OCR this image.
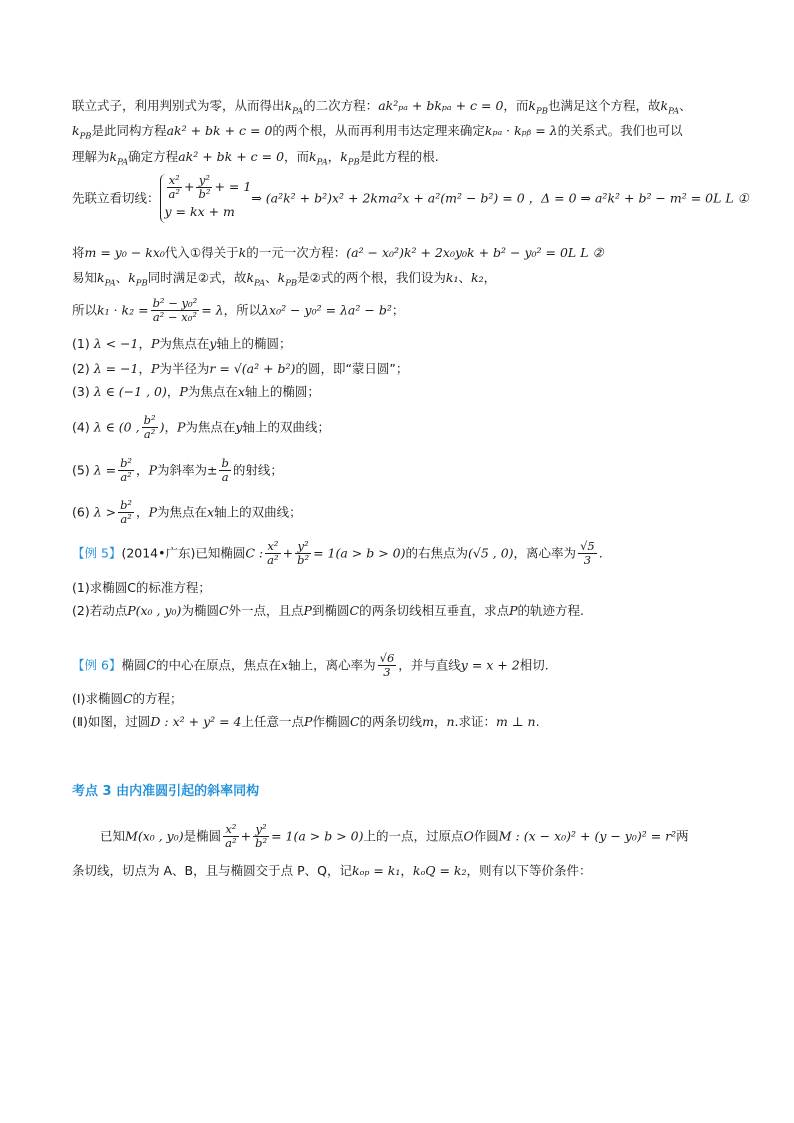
联立式子，利用判别式为零，从而得出$k_{PA}$的二次方程：ak²ₚₐ + bkₚₐ + c = 0，而$k_{PB}$也满足这个方程，故$k_{PA}$、
$k_{PB}$是此同构方程ak² + bk + c = 0的两个根，从而再利用韦达定理来确定kₚₐ · kₚᵦ = λ的关系式。我们也可以
理解为$k_{PA}$确定方程ak² + bk + c = 0，而$k_{PA}$，$k_{PB}$是此方程的根.
先联立看切线： $\frac{\text{x²}}{\text{a²}} + \frac{\text{y²}}{\text{b²}}$ + = 1
y = kx + m
⇒ (a²k² + b²)x² + 2kma²x + a²(m² − b²) = 0 ，Δ = 0 ⇒ a²k² + b² − m² = 0L L ①
将m = y₀ − kx₀代入①得关于k的一元一次方程：(a² − x₀²)k² + 2x₀y₀k + b² − y₀² = 0L L ②
易知$k_{PA}$、$k_{PB}$同时满足②式，故$k_{PA}$、$k_{PB}$是②式的两个根，我们设为k₁、k₂，
所以$k_1 \cdot k_2 = \frac{\text{b² − y₀²}}{\text{a² − x₀²}} = \lambda$，所以λx₀² − y₀² = λa² − b²；
(1) λ < −1，P为焦点在y轴上的椭圆；
(2) λ = −1，P为半径为r = √(a² + b²)的圆，即“蒙日圆”；
(3) λ ∈ (−1 , 0)，P为焦点在x轴上的椭圆；
(4) λ ∈ (0 , $\frac{\text{b²}}{\text{a²}}$ )，P为焦点在y轴上的双曲线；
(5) $\lambda = \frac{\text{b²}}{\text{a²}}$ ，P为斜率为± $\frac{b}{a}$ 的射线；
(6) $\lambda > \frac{\text{b²}}{\text{a²}}$ ，P为焦点在x轴上的双曲线；
【例 5】(2014•广东)已知椭圆C : $\frac{\text{x²}}{\text{a²}} + \frac{\text{y²}}{\text{b²}} = 1(a > b > 0)$的右焦点为(√5 , 0)，离心率为 $\frac{√5}{3}$ .
(1)求椭圆C的标准方程；
(2)若动点P(x₀ , y₀)为椭圆C外一点，且点P到椭圆C的两条切线相互垂直，求点P的轨迹方程.
【例 6】椭圆C的中心在原点，焦点在x轴上，离心率为 $\frac{√6}{3}$ ，并与直线y = x + 2相切.
(Ⅰ)求椭圆C的方程；
(Ⅱ)如图，过圆D : x² + y² = 4上任意一点P作椭圆C的两条切线m，n.求证：m ⊥ n.
考点 3 由内准圆引起的斜率同构
已知M(x₀ , y₀)是椭圆 $\frac{\text{x²}}{\text{a²}} + \frac{\text{y²}}{\text{b²}} = 1(a > b > 0)$上的一点，过原点O作圆M : (x − x₀)² + (y − y₀)² = r²两
条切线，切点为 A、B，且与椭圆交于点 P、Q，记kₒₚ = k₁，kₒQ = k₂，则有以下等价条件：
